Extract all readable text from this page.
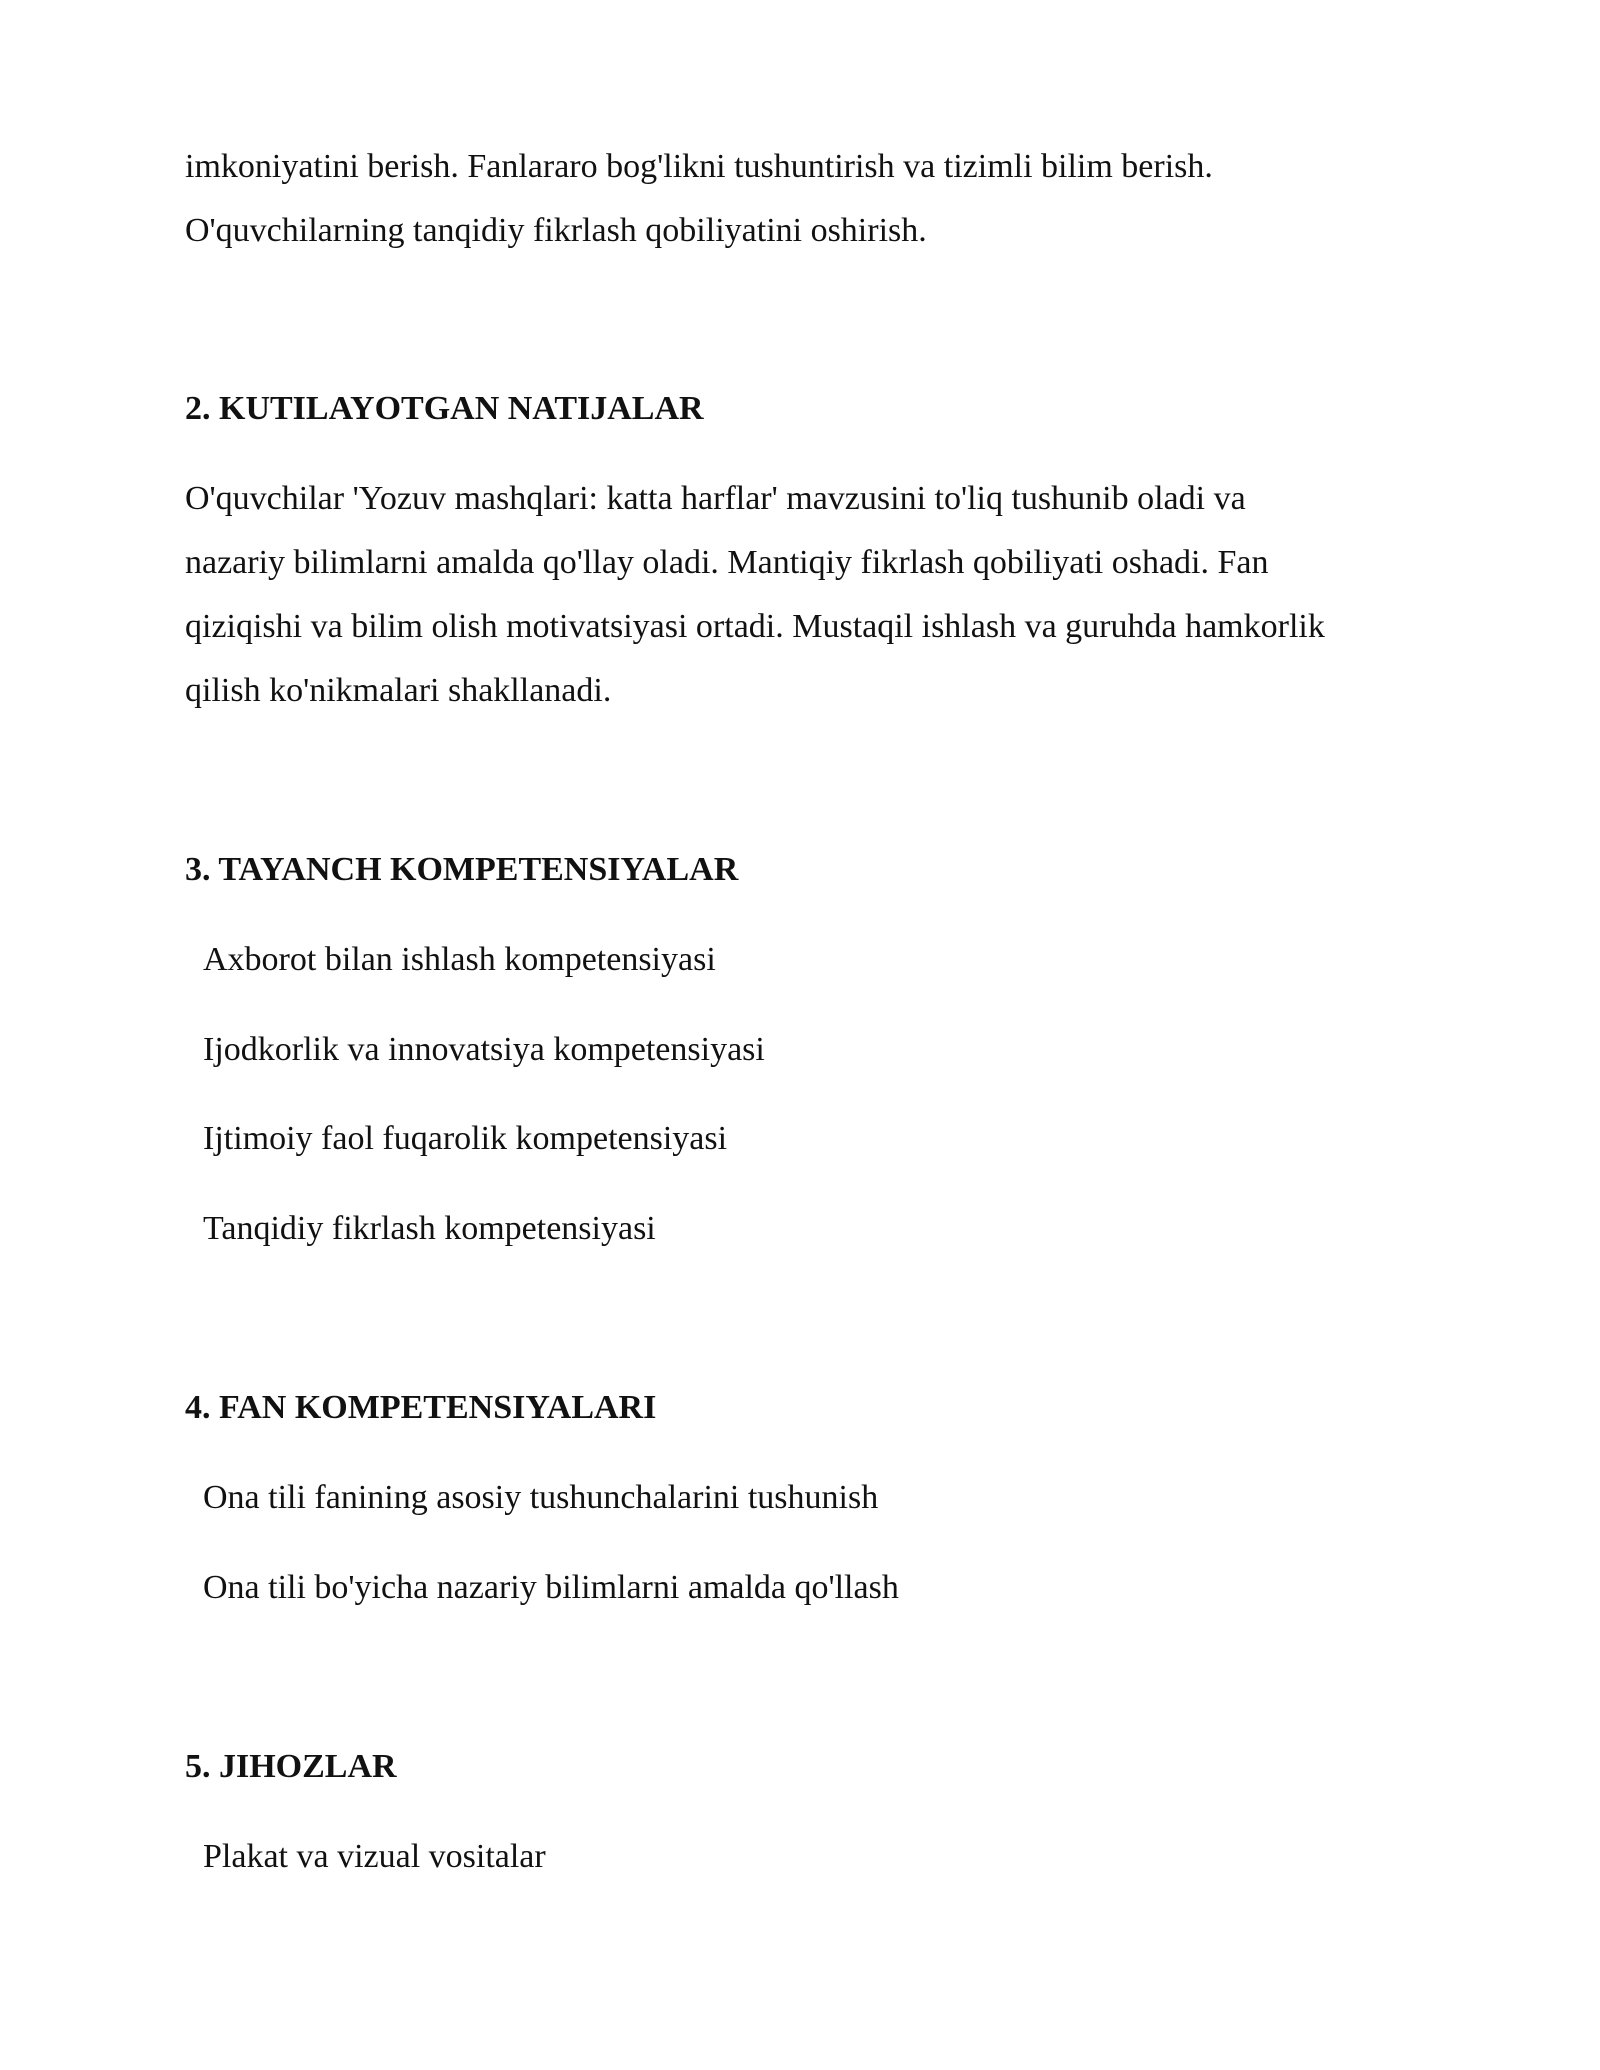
imkoniyatini berish. Fanlararo bog'likni tushuntirish va tizimli bilim berish.
O'quvchilarning tanqidiy fikrlash qobiliyatini oshirish.
2. KUTILAYOTGAN NATIJALAR
O'quvchilar 'Yozuv mashqlari: katta harflar' mavzusini to'liq tushunib oladi va
nazariy bilimlarni amalda qo'llay oladi. Mantiqiy fikrlash qobiliyati oshadi. Fan
qiziqishi va bilim olish motivatsiyasi ortadi. Mustaqil ishlash va guruhda hamkorlik
qilish ko'nikmalari shakllanadi.
3. TAYANCH KOMPETENSIYALAR
Axborot bilan ishlash kompetensiyasi
Ijodkorlik va innovatsiya kompetensiyasi
Ijtimoiy faol fuqarolik kompetensiyasi
Tanqidiy fikrlash kompetensiyasi
4. FAN KOMPETENSIYALARI
Ona tili fanining asosiy tushunchalarini tushunish
Ona tili bo'yicha nazariy bilimlarni amalda qo'llash
5. JIHOZLAR
Plakat va vizual vositalar
